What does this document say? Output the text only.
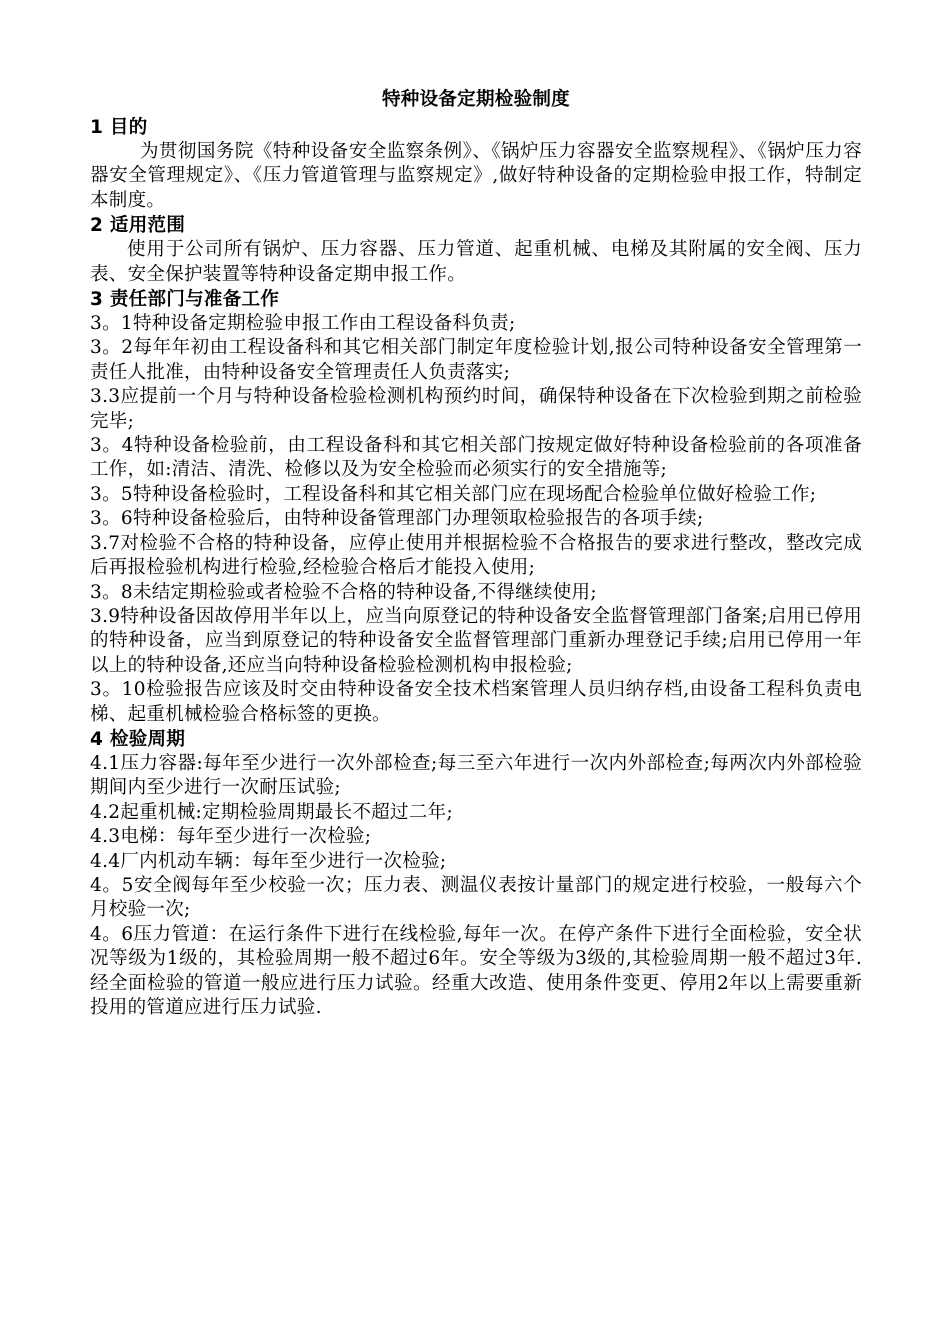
特种设备定期检验制度
1 目的

为贯彻国务院《特种设备安全监察条例》、《锅炉压力容器安全监察规程》、《锅炉压力容器安全管理规定》、《压力管道管理与监察规定》,做好特种设备的定期检验申报工作，特制定本制度。

2 适用范围

使用于公司所有锅炉、压力容器、压力管道、起重机械、电梯及其附属的安全阀、压力表、安全保护装置等特种设备定期申报工作。

3 责任部门与准备工作

3。1特种设备定期检验申报工作由工程设备科负责;

3。2每年年初由工程设备科和其它相关部门制定年度检验计划,报公司特种设备安全管理第一责任人批准，由特种设备安全管理责任人负责落实;

3.3应提前一个月与特种设备检验检测机构预约时间，确保特种设备在下次检验到期之前检验完毕;

3。4特种设备检验前，由工程设备科和其它相关部门按规定做好特种设备检验前的各项准备工作，如:清洁、清洗、检修以及为安全检验而必须实行的安全措施等;

3。5特种设备检验时，工程设备科和其它相关部门应在现场配合检验单位做好检验工作;

3。6特种设备检验后，由特种设备管理部门办理领取检验报告的各项手续;

3.7对检验不合格的特种设备，应停止使用并根据检验不合格报告的要求进行整改，整改完成后再报检验机构进行检验,经检验合格后才能投入使用;

3。8未结定期检验或者检验不合格的特种设备,不得继续使用;

3.9特种设备因故停用半年以上，应当向原登记的特种设备安全监督管理部门备案;启用已停用的特种设备，应当到原登记的特种设备安全监督管理部门重新办理登记手续;启用已停用一年以上的特种设备,还应当向特种设备检验检测机构申报检验;

3。10检验报告应该及时交由特种设备安全技术档案管理人员归纳存档,由设备工程科负责电梯、起重机械检验合格标签的更换。

4 检验周期

4.1压力容器:每年至少进行一次外部检查;每三至六年进行一次内外部检查;每两次内外部检验期间内至少进行一次耐压试验;

4.2起重机械:定期检验周期最长不超过二年;

4.3电梯：每年至少进行一次检验;

4.4厂内机动车辆：每年至少进行一次检验;

4。5安全阀每年至少校验一次；压力表、测温仪表按计量部门的规定进行校验，一般每六个月校验一次;

4。6压力管道：在运行条件下进行在线检验,每年一次。在停产条件下进行全面检验，安全状况等级为1级的，其检验周期一般不超过6年。安全等级为3级的,其检验周期一般不超过3年.经全面检验的管道一般应进行压力试验。经重大改造、使用条件变更、停用2年以上需要重新投用的管道应进行压力试验.
